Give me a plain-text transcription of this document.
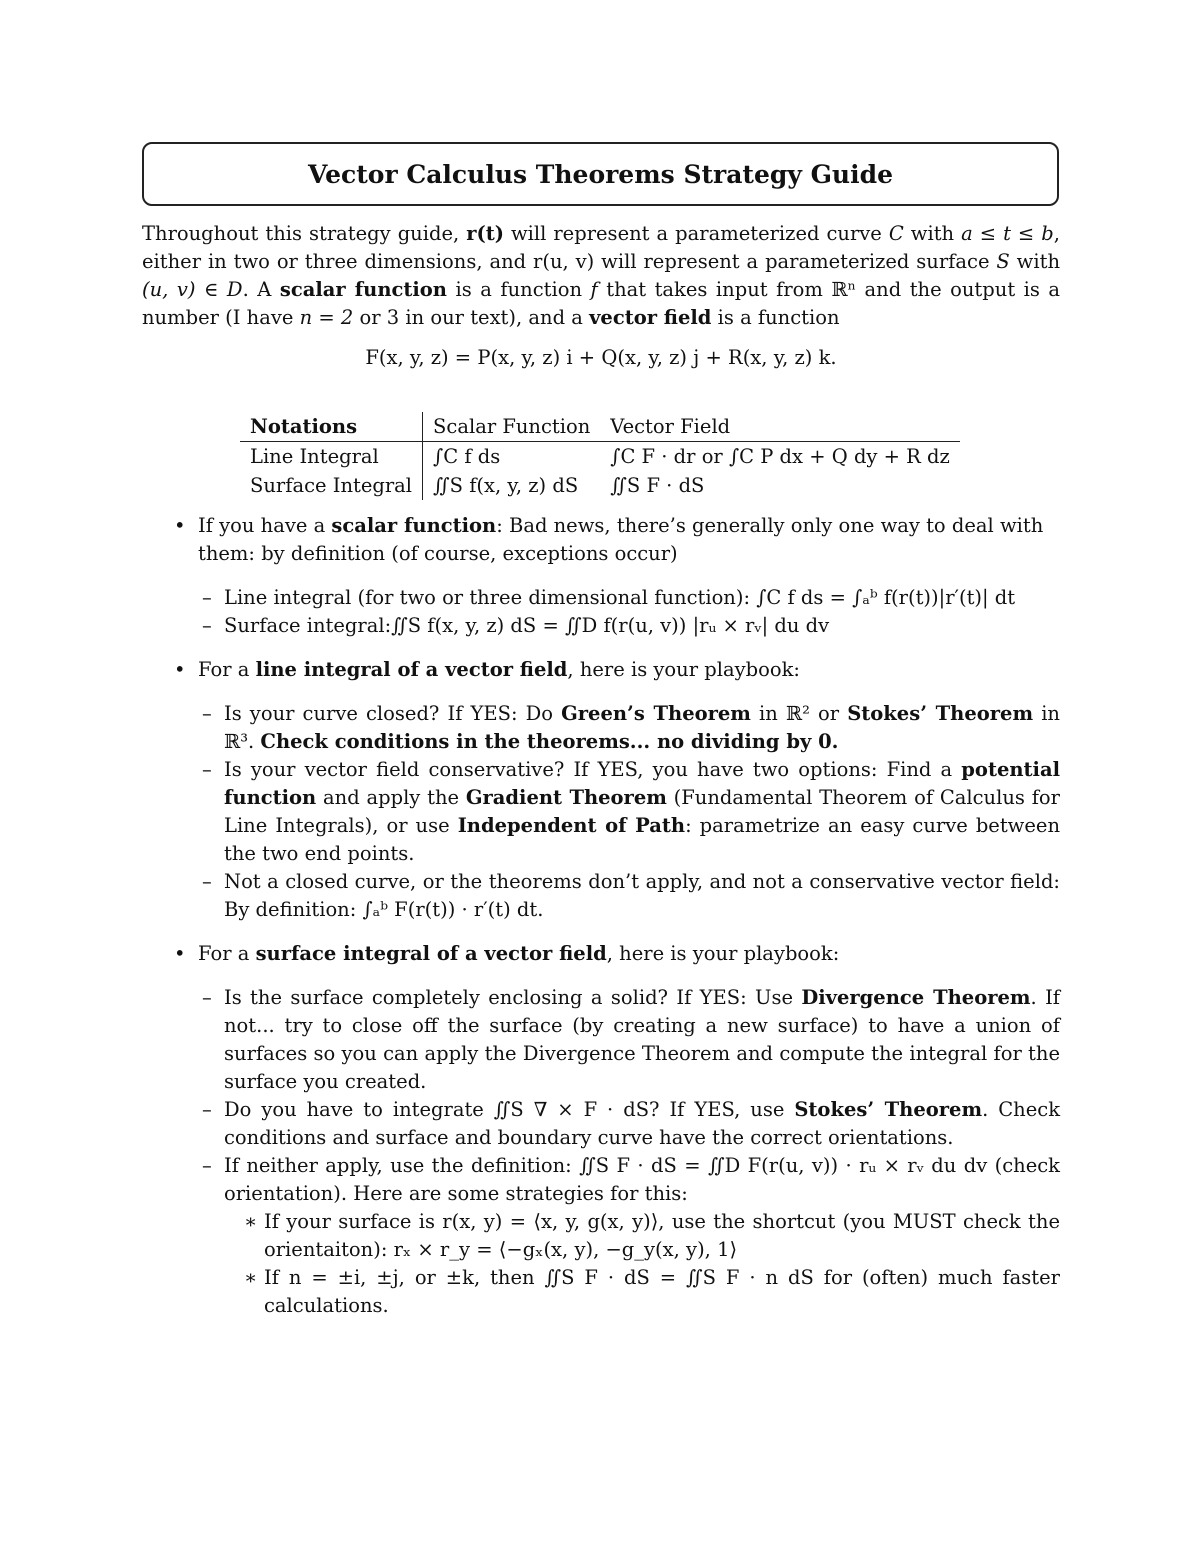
Vector Calculus Theorems Strategy Guide

Throughout this strategy guide, r(t) will represent a parameterized curve C with a ≤ t ≤ b, either in two or three dimensions, and r(u, v) will represent a parameterized surface S with (u, v) ∈ D. A scalar function is a function f that takes input from ℝⁿ and the output is a number (I have n = 2 or 3 in our text), and a vector field is a function

F(x, y, z) = P(x, y, z) i + Q(x, y, z) j + R(x, y, z) k.
Notations	Scalar Function	Vector Field
Line Integral	∫C f ds	∫C F · dr or ∫C P dx + Q dy + R dz
Surface Integral	∬S f(x, y, z) dS	∬S F · dS
• If you have a scalar function: Bad news, there’s generally only one way to deal with them: by definition (of course, exceptions occur)
– Line integral (for two or three dimensional function): ∫C f ds = ∫ₐᵇ f(r(t))|r′(t)| dt
– Surface integral:∬S f(x, y, z) dS = ∬D f(r(u, v)) |rᵤ × rᵥ| du dv
• For a line integral of a vector field, here is your playbook:
– Is your curve closed? If YES: Do Green’s Theorem in ℝ² or Stokes’ Theorem in ℝ³. Check conditions in the theorems... no dividing by 0.
– Is your vector field conservative? If YES, you have two options: Find a potential function and apply the Gradient Theorem (Fundamental Theorem of Calculus for Line Integrals), or use Independent of Path: parametrize an easy curve between the two end points.
– Not a closed curve, or the theorems don’t apply, and not a conservative vector field: By definition: ∫ₐᵇ F(r(t)) · r′(t) dt.
• For a surface integral of a vector field, here is your playbook:
– Is the surface completely enclosing a solid? If YES: Use Divergence Theorem. If not... try to close off the surface (by creating a new surface) to have a union of surfaces so you can apply the Divergence Theorem and compute the integral for the surface you created.
– Do you have to integrate ∬S ∇ × F · dS? If YES, use Stokes’ Theorem. Check conditions and surface and boundary curve have the correct orientations.
– If neither apply, use the definition: ∬S F · dS = ∬D F(r(u, v)) · rᵤ × rᵥ du dv (check orientation). Here are some strategies for this:
∗ If your surface is r(x, y) = ⟨x, y, g(x, y)⟩, use the shortcut (you MUST check the orientaiton): rₓ × r_y = ⟨−gₓ(x, y), −g_y(x, y), 1⟩
∗ If n = ±i, ±j, or ±k, then ∬S F · dS = ∬S F · n dS for (often) much faster calculations.
